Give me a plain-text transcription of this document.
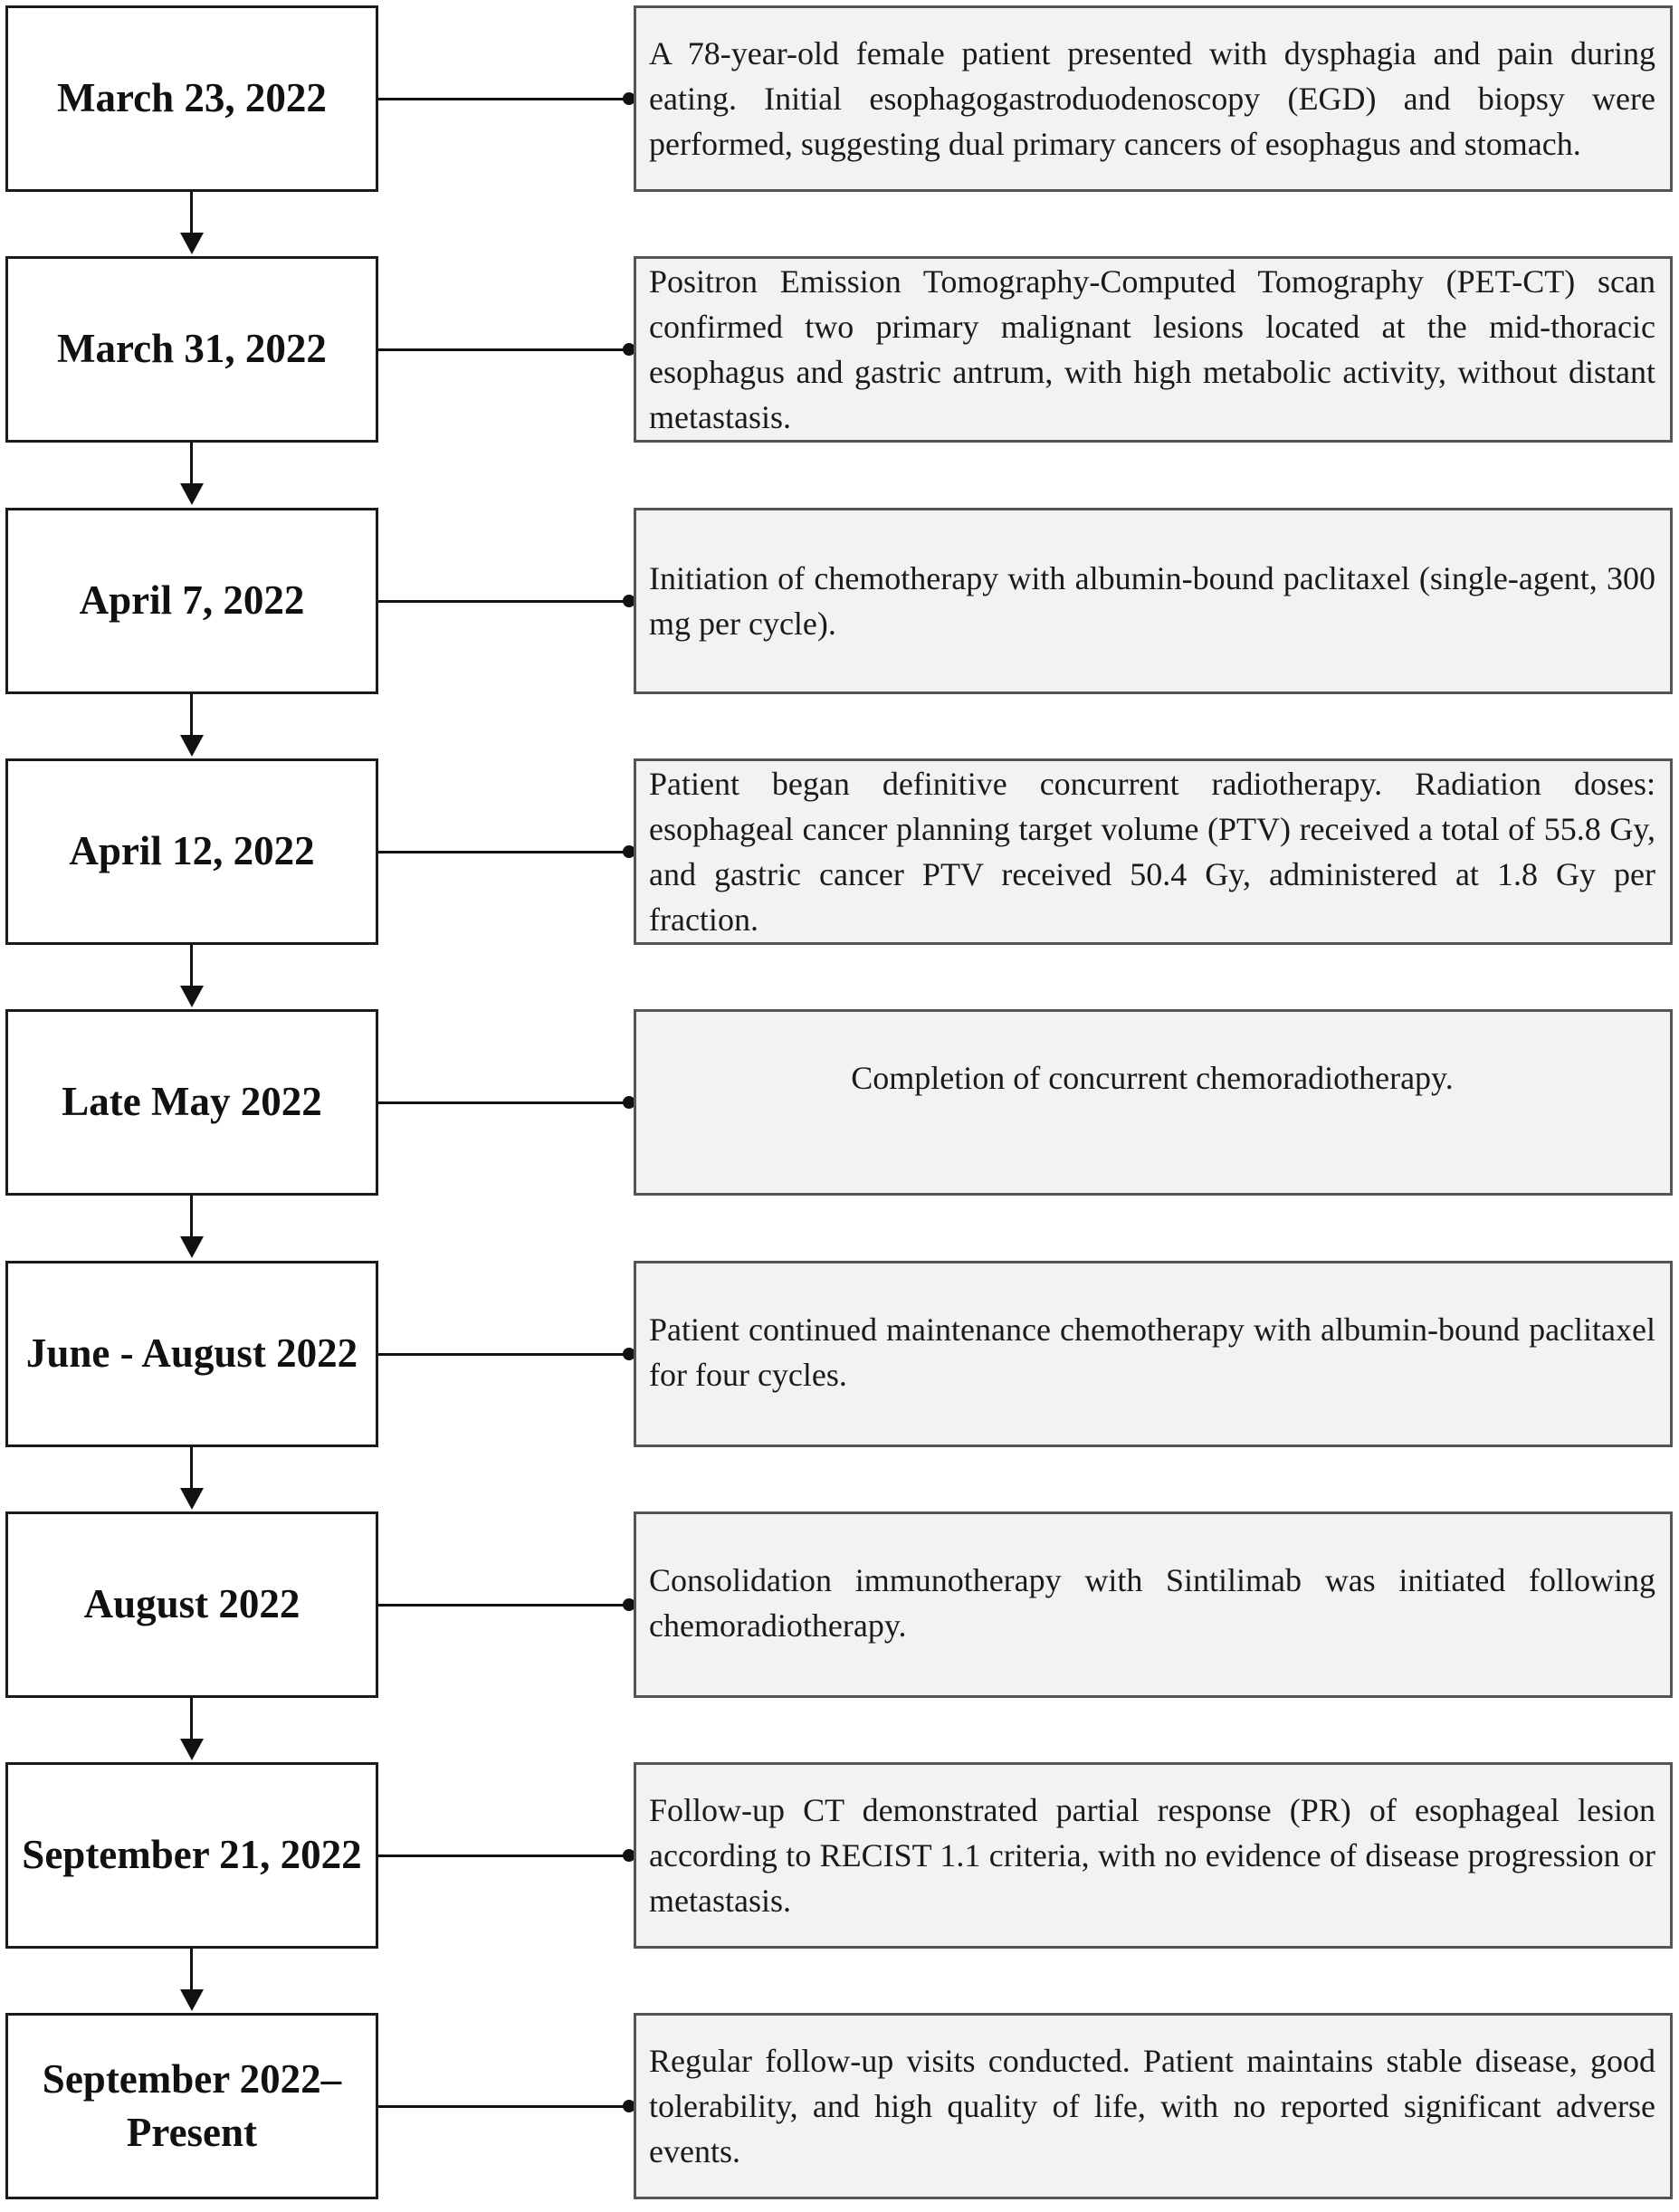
March 23, 2022
A 78-year-old female patient presented with dysphagia and pain during eating. Initial esophagogastroduodenoscopy (EGD) and biopsy were performed, suggesting dual primary cancers of esophagus and stomach.
March 31, 2022
Positron Emission Tomography-Computed Tomography (PET-CT) scan confirmed two primary malignant lesions located at the mid-thoracic esophagus and gastric antrum, with high metabolic activity, without distant metastasis.
April 7, 2022	Initiation of chemotherapy with albumin-bound paclitaxel (single-agent, 300 mg per cycle).
April 12, 2022
Patient began definitive concurrent radiotherapy. Radiation doses: esophageal cancer planning target volume (PTV) received a total of 55.8 Gy, and gastric cancer PTV received 50.4 Gy, administered at 1.8 Gy per fraction.
Late May 2022
Completion of concurrent chemoradiotherapy.
June - August 2022
Patient continued maintenance chemotherapy with albumin-bound paclitaxel for four cycles.
August 2022
Consolidation immunotherapy with Sintilimab was initiated following chemoradiotherapy.
September 21, 2022
Follow-up CT demonstrated partial response (PR) of esophageal lesion according to RECIST 1.1 criteria, with no evidence of disease progression or metastasis.
September 2022–
Present
Regular follow-up visits conducted. Patient maintains stable disease, good tolerability, and high quality of life, with no reported significant adverse events.
